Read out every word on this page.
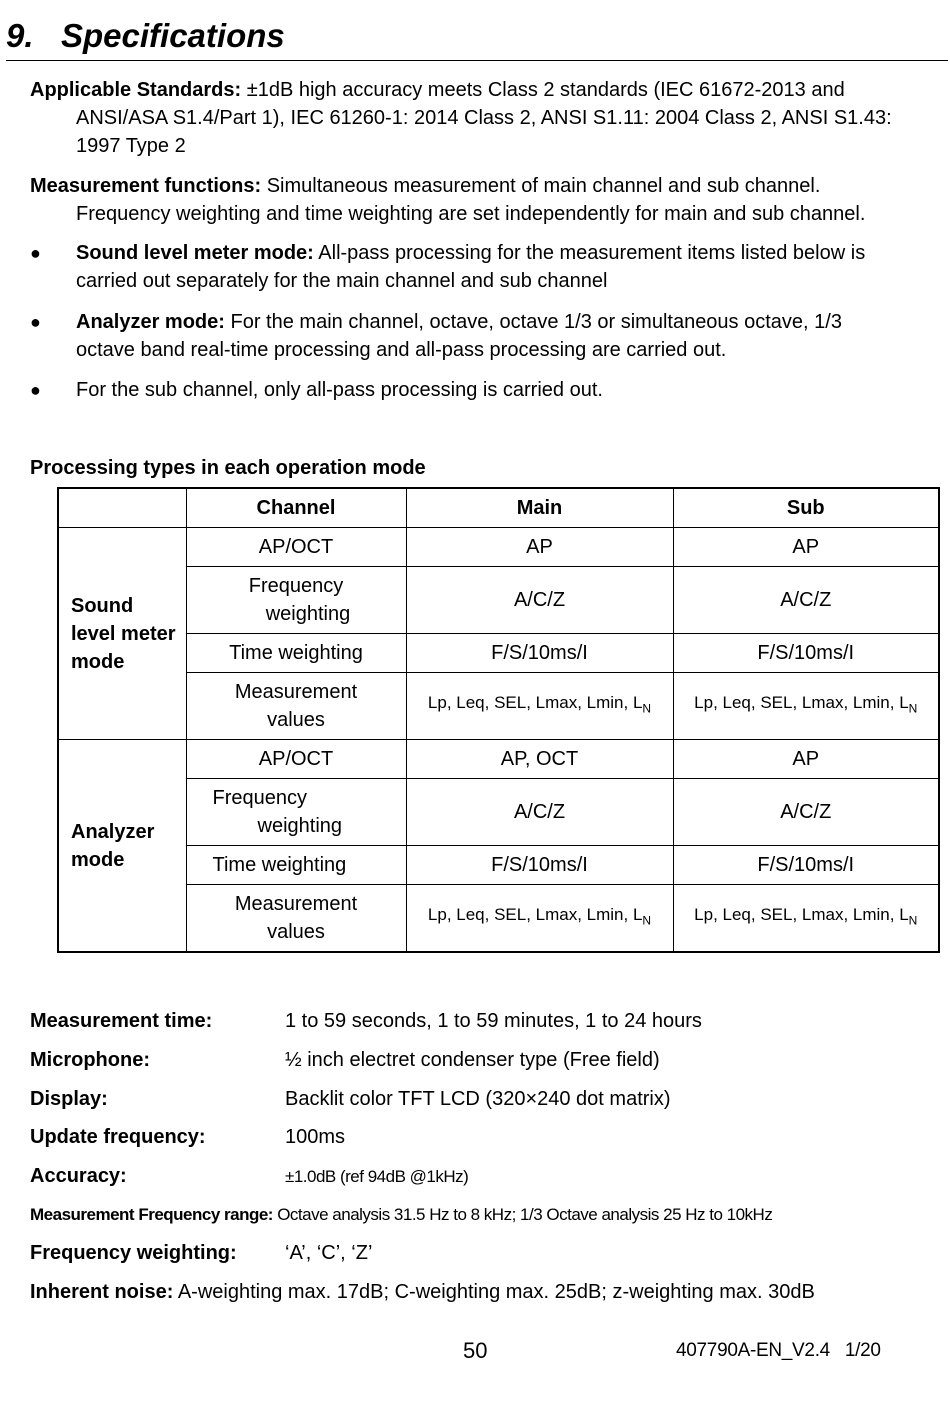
9. Specifications
Applicable Standards: ±1dB high accuracy meets Class 2 standards (IEC 61672-2013 and
ANSI/ASA S1.4/Part 1), IEC 61260-1: 2014 Class 2, ANSI S1.11: 2004 Class 2, ANSI S1.43:
1997 Type 2
Measurement functions: Simultaneous measurement of main channel and sub channel.
Frequency weighting and time weighting are set independently for main and sub channel.
●	Sound level meter mode: All-pass processing for the measurement items listed below is
carried out separately for the main channel and sub channel
●	Analyzer mode: For the main channel, octave, octave 1/3 or simultaneous octave, 1/3
octave band real-time processing and all-pass processing are carried out.
●	For the sub channel, only all-pass processing is carried out.
Processing types in each operation mode
	Channel	Main	Sub
Sound
level meter
mode	AP/OCT	AP	AP
	Frequency
weighting	A/C/Z	A/C/Z
	Time weighting	F/S/10ms/I	F/S/10ms/I
	Measurement
values	Lp, Leq, SEL, Lmax, Lmin, $L_N$	Lp, Leq, SEL, Lmax, Lmin, $L_N$
Analyzer
mode	AP/OCT	AP, OCT	AP
	Frequency
weighting	A/C/Z	A/C/Z
	Time weighting	F/S/10ms/I	F/S/10ms/I
	Measurement
values	Lp, Leq, SEL, Lmax, Lmin, $L_N$	Lp, Leq, SEL, Lmax, Lmin, $L_N$
Measurement time:	1 to 59 seconds, 1 to 59 minutes, 1 to 24 hours
Microphone:	½ inch electret condenser type (Free field)
Display:	Backlit color TFT LCD (320×240 dot matrix)
Update frequency:	100ms
Accuracy:	±1.0dB (ref 94dB @1kHz)
Measurement Frequency range: Octave analysis 31.5 Hz to 8 kHz; 1/3 Octave analysis 25 Hz to 10kHz
Frequency weighting: ‘A’, ‘C’, ‘Z’
Inherent noise: A-weighting max. 17dB; C-weighting max. 25dB; z-weighting max. 30dB
50	407790A-EN_V2.4   1/20
